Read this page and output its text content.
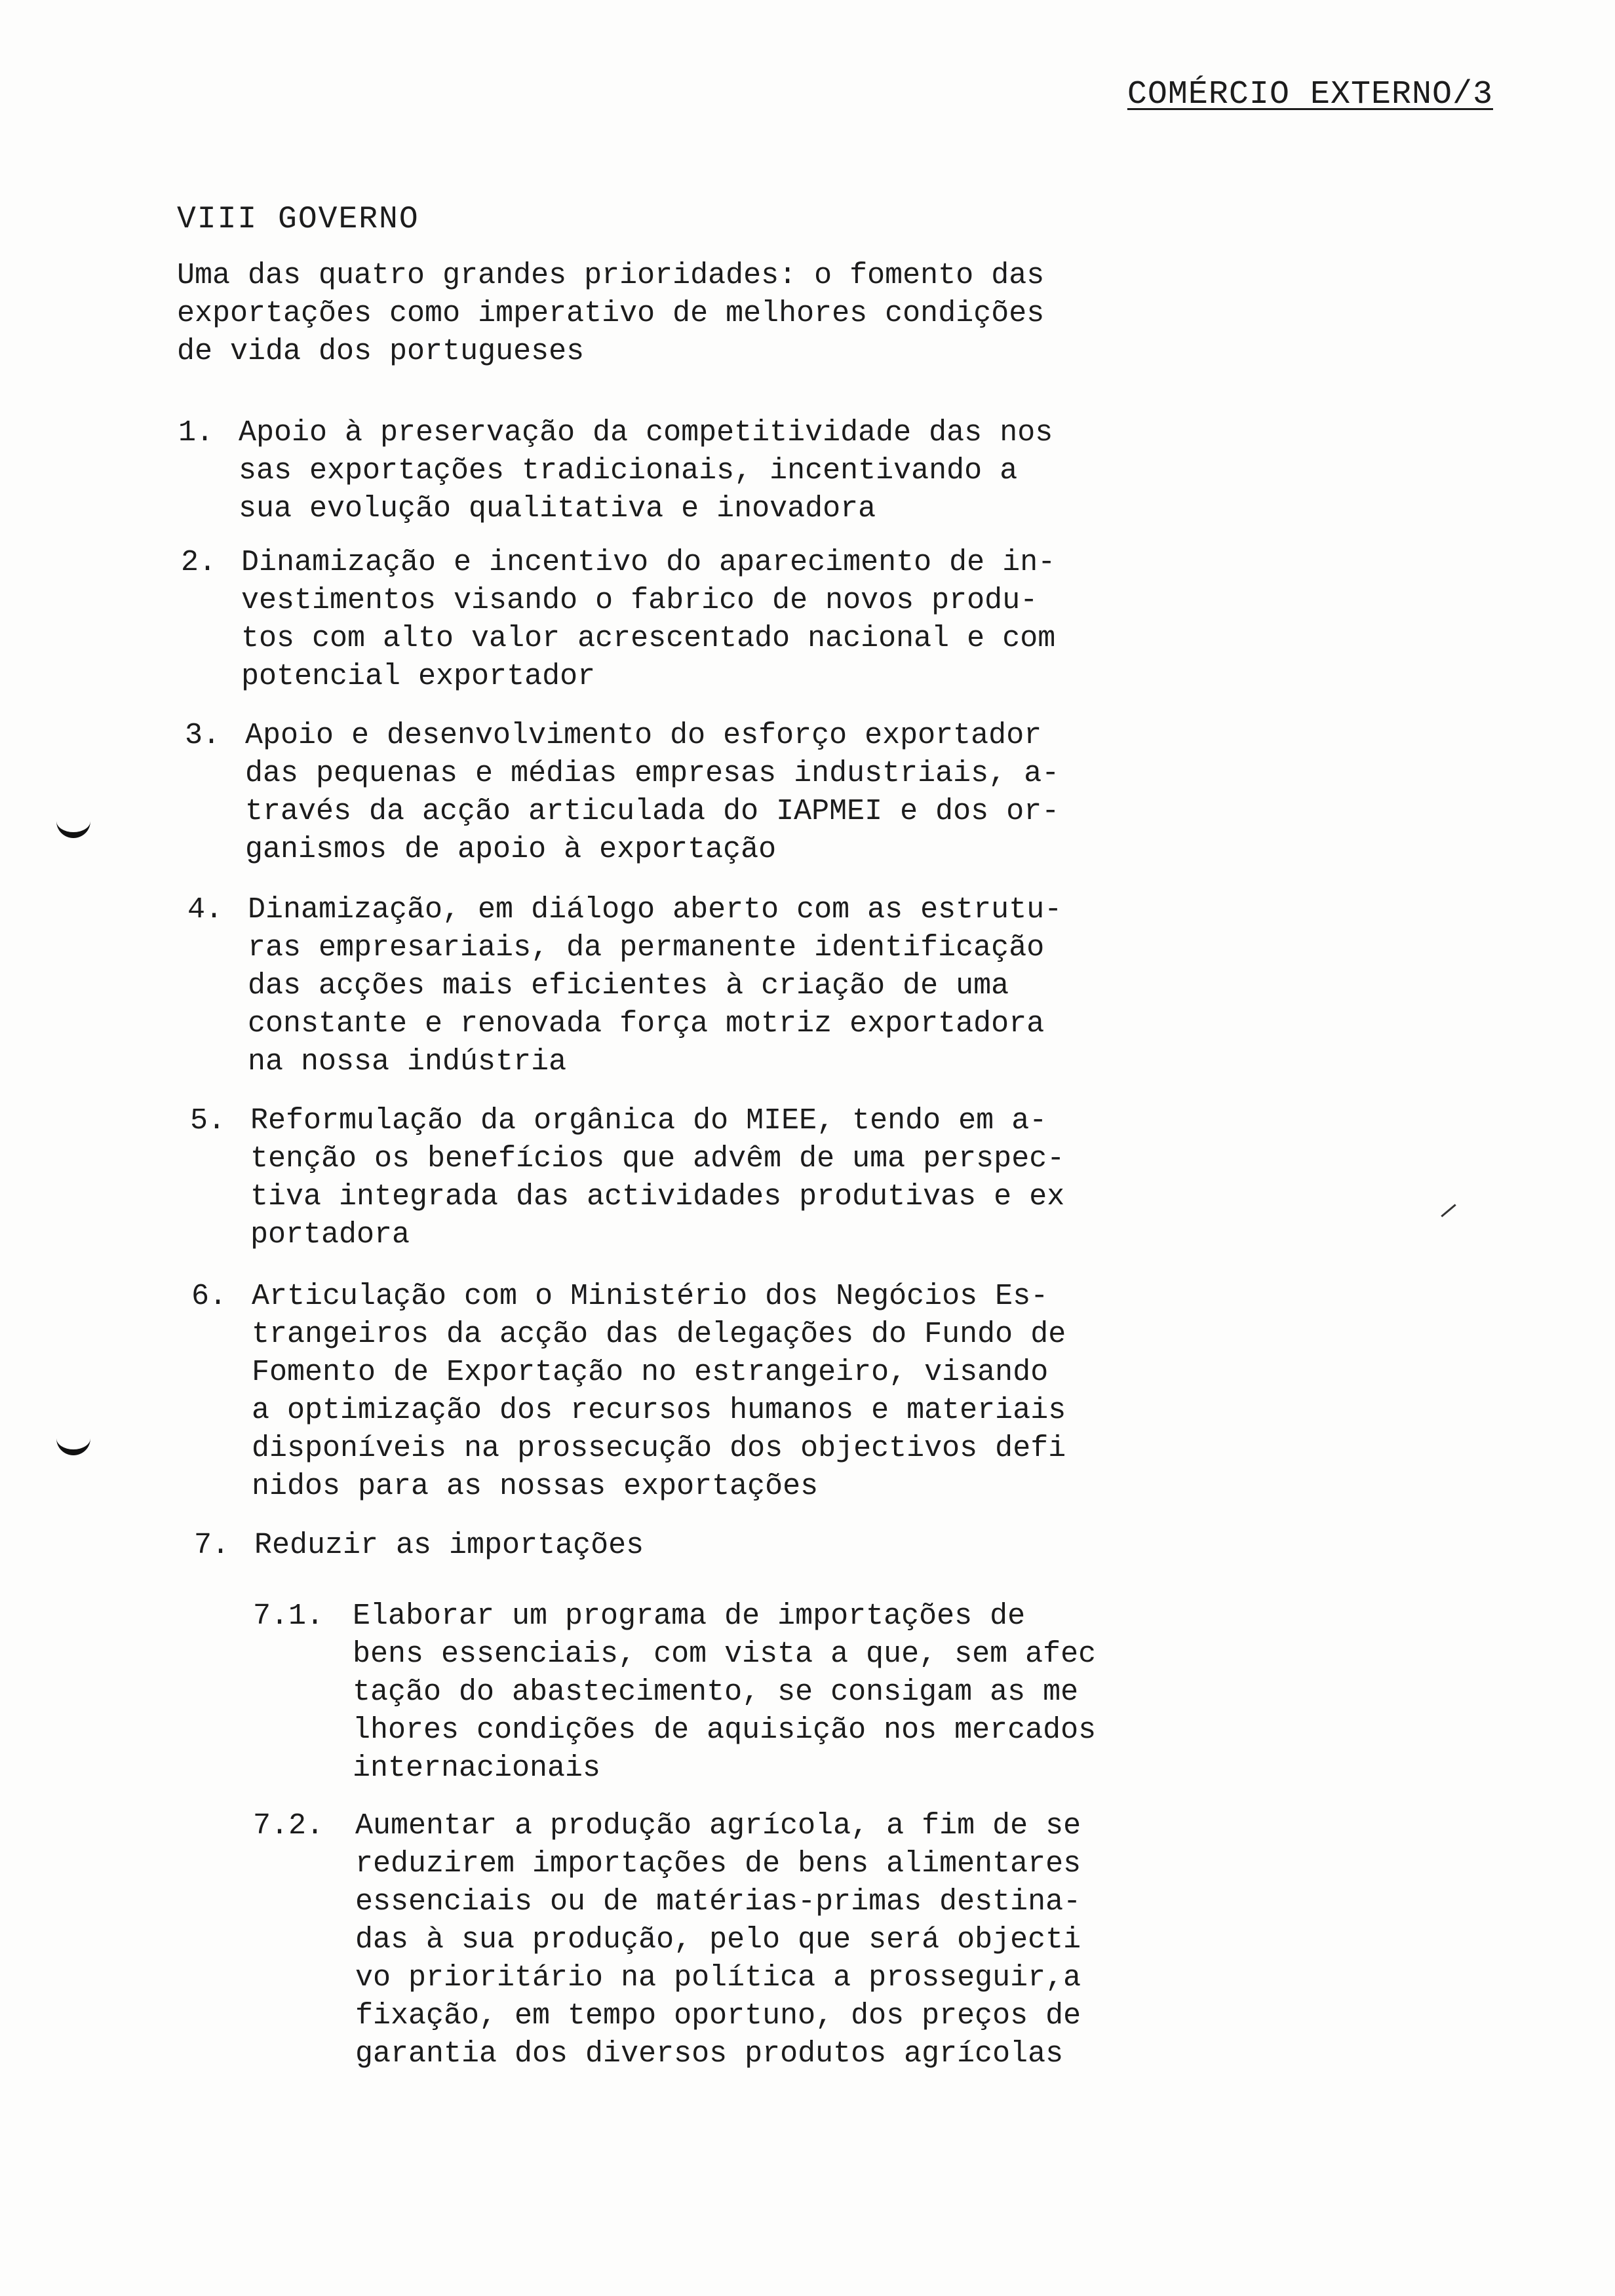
COMÉRCIO EXTERNO/3
VIII GOVERNO
Uma das quatro grandes prioridades: o fomento das
exportações como imperativo de melhores condições
de vida dos portugueses
1. Apoio à preservação da competitividade das nos
sas exportações tradicionais, incentivando a
sua evolução qualitativa e inovadora
2. Dinamização e incentivo do aparecimento de in-
vestimentos visando o fabrico de novos produ-
tos com alto valor acrescentado nacional e com
potencial exportador
3. Apoio e desenvolvimento do esforço exportador
das pequenas e médias empresas industriais, a-
través da acção articulada do IAPMEI e dos or-
ganismos de apoio à exportação
4. Dinamização, em diálogo aberto com as estrutu-
ras empresariais, da permanente identificação
das acções mais eficientes à criação de uma
constante e renovada força motriz exportadora
na nossa indústria
5. Reformulação da orgânica do MIEE, tendo em a-
tenção os benefícios que advêm de uma perspec-
tiva integrada das actividades produtivas e ex
portadora
6. Articulação com o Ministério dos Negócios Es-
trangeiros da acção das delegações do Fundo de
Fomento de Exportação no estrangeiro, visando
a optimização dos recursos humanos e materiais
disponíveis na prossecução dos objectivos defi
nidos para as nossas exportações
7. Reduzir as importações
7.1. Elaborar um programa de importações de
bens essenciais, com vista a que, sem afec
tação do abastecimento, se consigam as me
lhores condições de aquisição nos mercados
internacionais
7.2. Aumentar a produção agrícola, a fim de se
reduzirem importações de bens alimentares
essenciais ou de matérias-primas destina-
das à sua produção, pelo que será objecti
vo prioritário na política a prosseguir,a
fixação, em tempo oportuno, dos preços de
garantia dos diversos produtos agrícolas
